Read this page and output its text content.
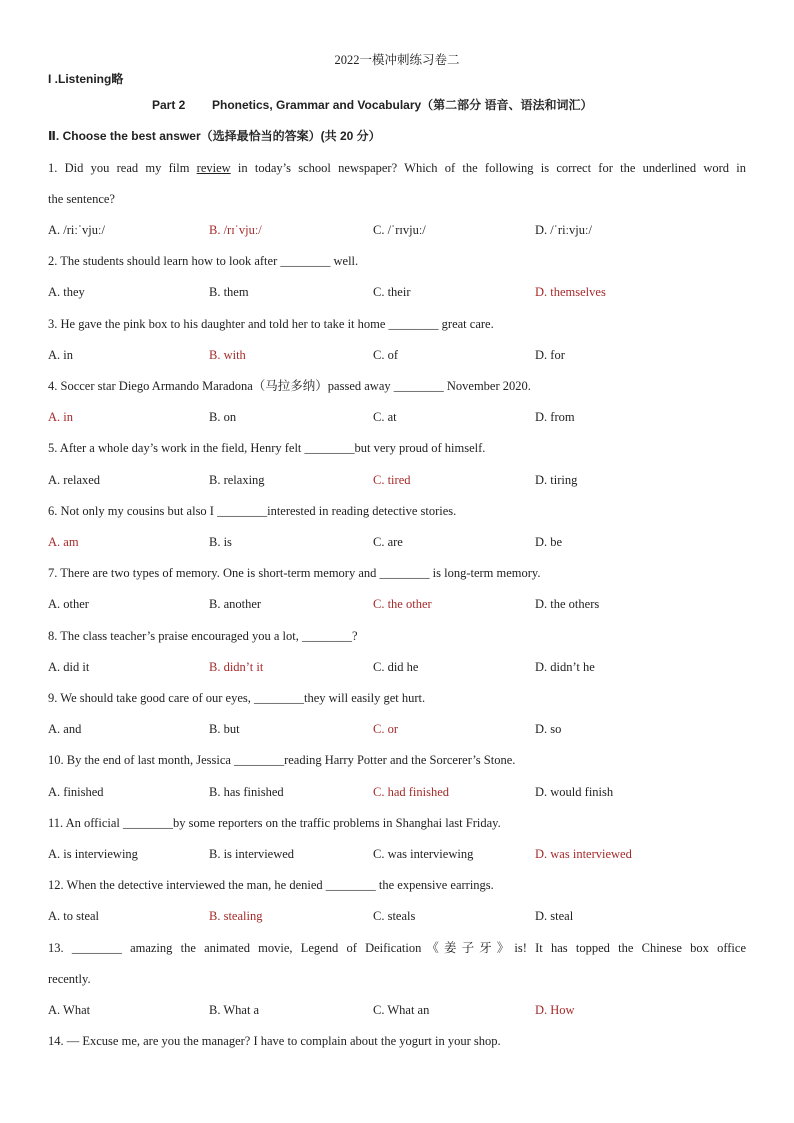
2022一模冲刺练习卷二
I .Listening略
Part 2 Phonetics, Grammar and Vocabulary（第二部分 语音、语法和词汇）
Ⅱ. Choose the best answer（选择最恰当的答案）(共 20 分）
1. Did you read my film review in today’s school newspaper? Which of the following is correct for the underlined word in
the sentence?
A. /riːˈvjuː/	B. /rɪˈvjuː/	C. /ˈrɪvjuː/	D. /ˈriːvjuː/
2. The students should learn how to look after ________ well.
A. they	B. them	C. their	D. themselves
3. He gave the pink box to his daughter and told her to take it home ________ great care.
A. in	B. with	C. of	D. for
4. Soccer star Diego Armando Maradona（马拉多纳）passed away ________ November 2020.
A. in	B. on	C. at	D. from
5. After a whole day’s work in the field, Henry felt ________but very proud of himself.
A. relaxed	B. relaxing	C. tired	D. tiring
6. Not only my cousins but also I ________interested in reading detective stories.
A. am	B. is	C. are	D. be
7. There are two types of memory. One is short-term memory and ________ is long-term memory.
A. other	B. another	C. the other	D. the others
8. The class teacher’s praise encouraged you a lot, ________?
A. did it	B. didn’t it	C. did he	D. didn’t he
9. We should take good care of our eyes, ________they will easily get hurt.
A. and	B. but	C. or	D. so
10. By the end of last month, Jessica ________reading Harry Potter and the Sorcerer’s Stone.
A. finished	B. has finished	C. had finished	D. would finish
11. An official ________by some reporters on the traffic problems in Shanghai last Friday.
A. is interviewing	B. is interviewed	C. was interviewing	D. was interviewed
12. When the detective interviewed the man, he denied ________ the expensive earrings.
A. to steal	B. stealing	C. steals	D. steal
13. ________ amazing the animated movie, Legend of Deification《姜子牙》is! It has topped the Chinese box office
recently.
A. What	B. What a	C. What an	D. How
14. — Excuse me, are you the manager? I have to complain about the yogurt in your shop.
